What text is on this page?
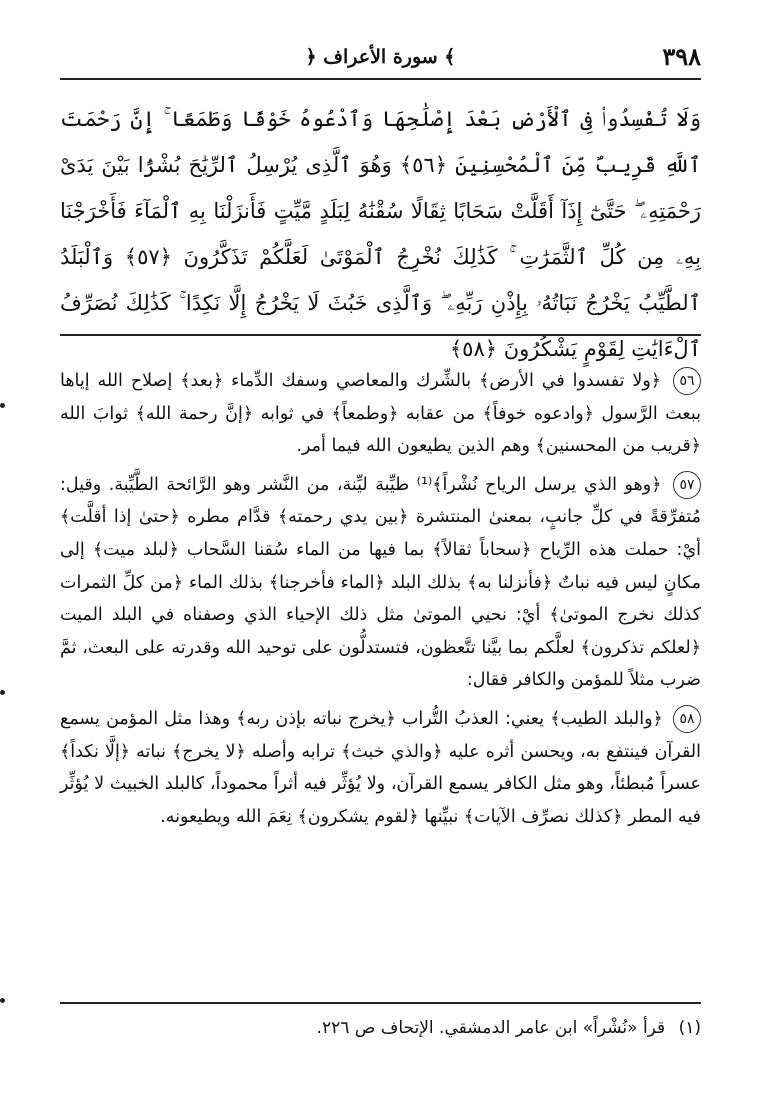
٣٩٨
﴿ سورة الأعراف ﴾
وَلَا تُفْسِدُوا۟ فِى ٱلْأَرْضِ بَعْدَ إِصْلَٰحِهَا وَٱدْعُوهُ خَوْفًا وَطَمَعًا ۚ إِنَّ رَحْمَتَ ٱللَّهِ قَرِيبٌ مِّنَ ٱلْمُحْسِنِينَ ﴿٥٦﴾ وَهُوَ ٱلَّذِى يُرْسِلُ ٱلرِّيَٰحَ بُشْرًۢا بَيْنَ يَدَىْ رَحْمَتِهِۦ ۖ حَتَّىٰٓ إِذَآ أَقَلَّتْ سَحَابًا ثِقَالًا سُقْنَٰهُ لِبَلَدٍ مَّيِّتٍ فَأَنزَلْنَا بِهِ ٱلْمَآءَ فَأَخْرَجْنَا بِهِۦ مِن كُلِّ ٱلثَّمَرَٰتِ ۚ كَذَٰلِكَ نُخْرِجُ ٱلْمَوْتَىٰ لَعَلَّكُمْ تَذَكَّرُونَ ﴿٥٧﴾ وَٱلْبَلَدُ ٱلطَّيِّبُ يَخْرُجُ نَبَاتُهُۥ بِإِذْنِ رَبِّهِۦ ۖ وَٱلَّذِى خَبُثَ لَا يَخْرُجُ إِلَّا نَكِدًا ۚ كَذَٰلِكَ نُصَرِّفُ ٱلْءَايَٰتِ لِقَوْمٍ يَشْكُرُونَ ﴿٥٨﴾

٥٦ ﴿ولا تفسدوا في الأرض﴾ بالشِّرك والمعاصي وسفك الدِّماء ﴿بعد﴾ إصلاح الله إياها ببعث الرَّسول ﴿وادعوه خوفاً﴾ من عقابه ﴿وطمعاً﴾ في ثوابه ﴿إنَّ رحمة الله﴾ ثوابَ الله ﴿قريب من المحسنين﴾ وهم الذين يطيعون الله فيما أمر.

٥٧ ﴿وهو الذي يرسل الرياح نُشْراً﴾⁽¹⁾ طيِّبة ليِّنة، من النَّشر وهو الرَّائحة الطَّيِّبة. وقيل: مُتفرِّقةً في كلِّ جانبٍ، بمعنىٰ المنتشرة ﴿بين يدي رحمته﴾ قدَّام مطره ﴿حتىٰ إذا أقلَّت﴾ أيْ: حملت هذه الرِّياح ﴿سحاباً ثقالاً﴾ بما فيها من الماء سُقنا السَّحاب ﴿لبلد ميت﴾ إلى مكانٍ ليس فيه نباتٌ ﴿فأنزلنا به﴾ بذلك البلد ﴿الماء فأخرجنا﴾ بذلك الماء ﴿من كلِّ الثمرات كذلك نخرج الموتىٰ﴾ أيْ: نحيي الموتىٰ مثل ذلك الإحياء الذي وصفناه في البلد الميت ﴿لعلكم تذكرون﴾ لعلَّكم بما بيَّنا تتَّعظون، فتستدلُّون على توحيد الله وقدرته على البعث، ثمَّ ضرب مثلاً للمؤمن والكافر فقال:

٥٨ ﴿والبلد الطيب﴾ يعني: العذبُ التُّراب ﴿يخرج نباته بإذن ربه﴾ وهذا مثل المؤمن يسمع القرآن فينتفع به، ويحسن أثره عليه ﴿والذي خبث﴾ ترابه وأصله ﴿لا يخرج﴾ نباته ﴿إلَّا نكداً﴾ عسراً مُبطئاً، وهو مثل الكافر يسمع القرآن، ولا يُؤثِّر فيه أثراً محموداً، كالبلد الخبيث لا يُؤثِّر فيه المطر ﴿كذلك نصرِّف الآيات﴾ نبيِّنها ﴿لقوم يشكرون﴾ نِعَمَ الله ويطيعونه.

(١) قرأ «نُشْراً» ابن عامر الدمشقي. الإتحاف ص ٢٢٦.
